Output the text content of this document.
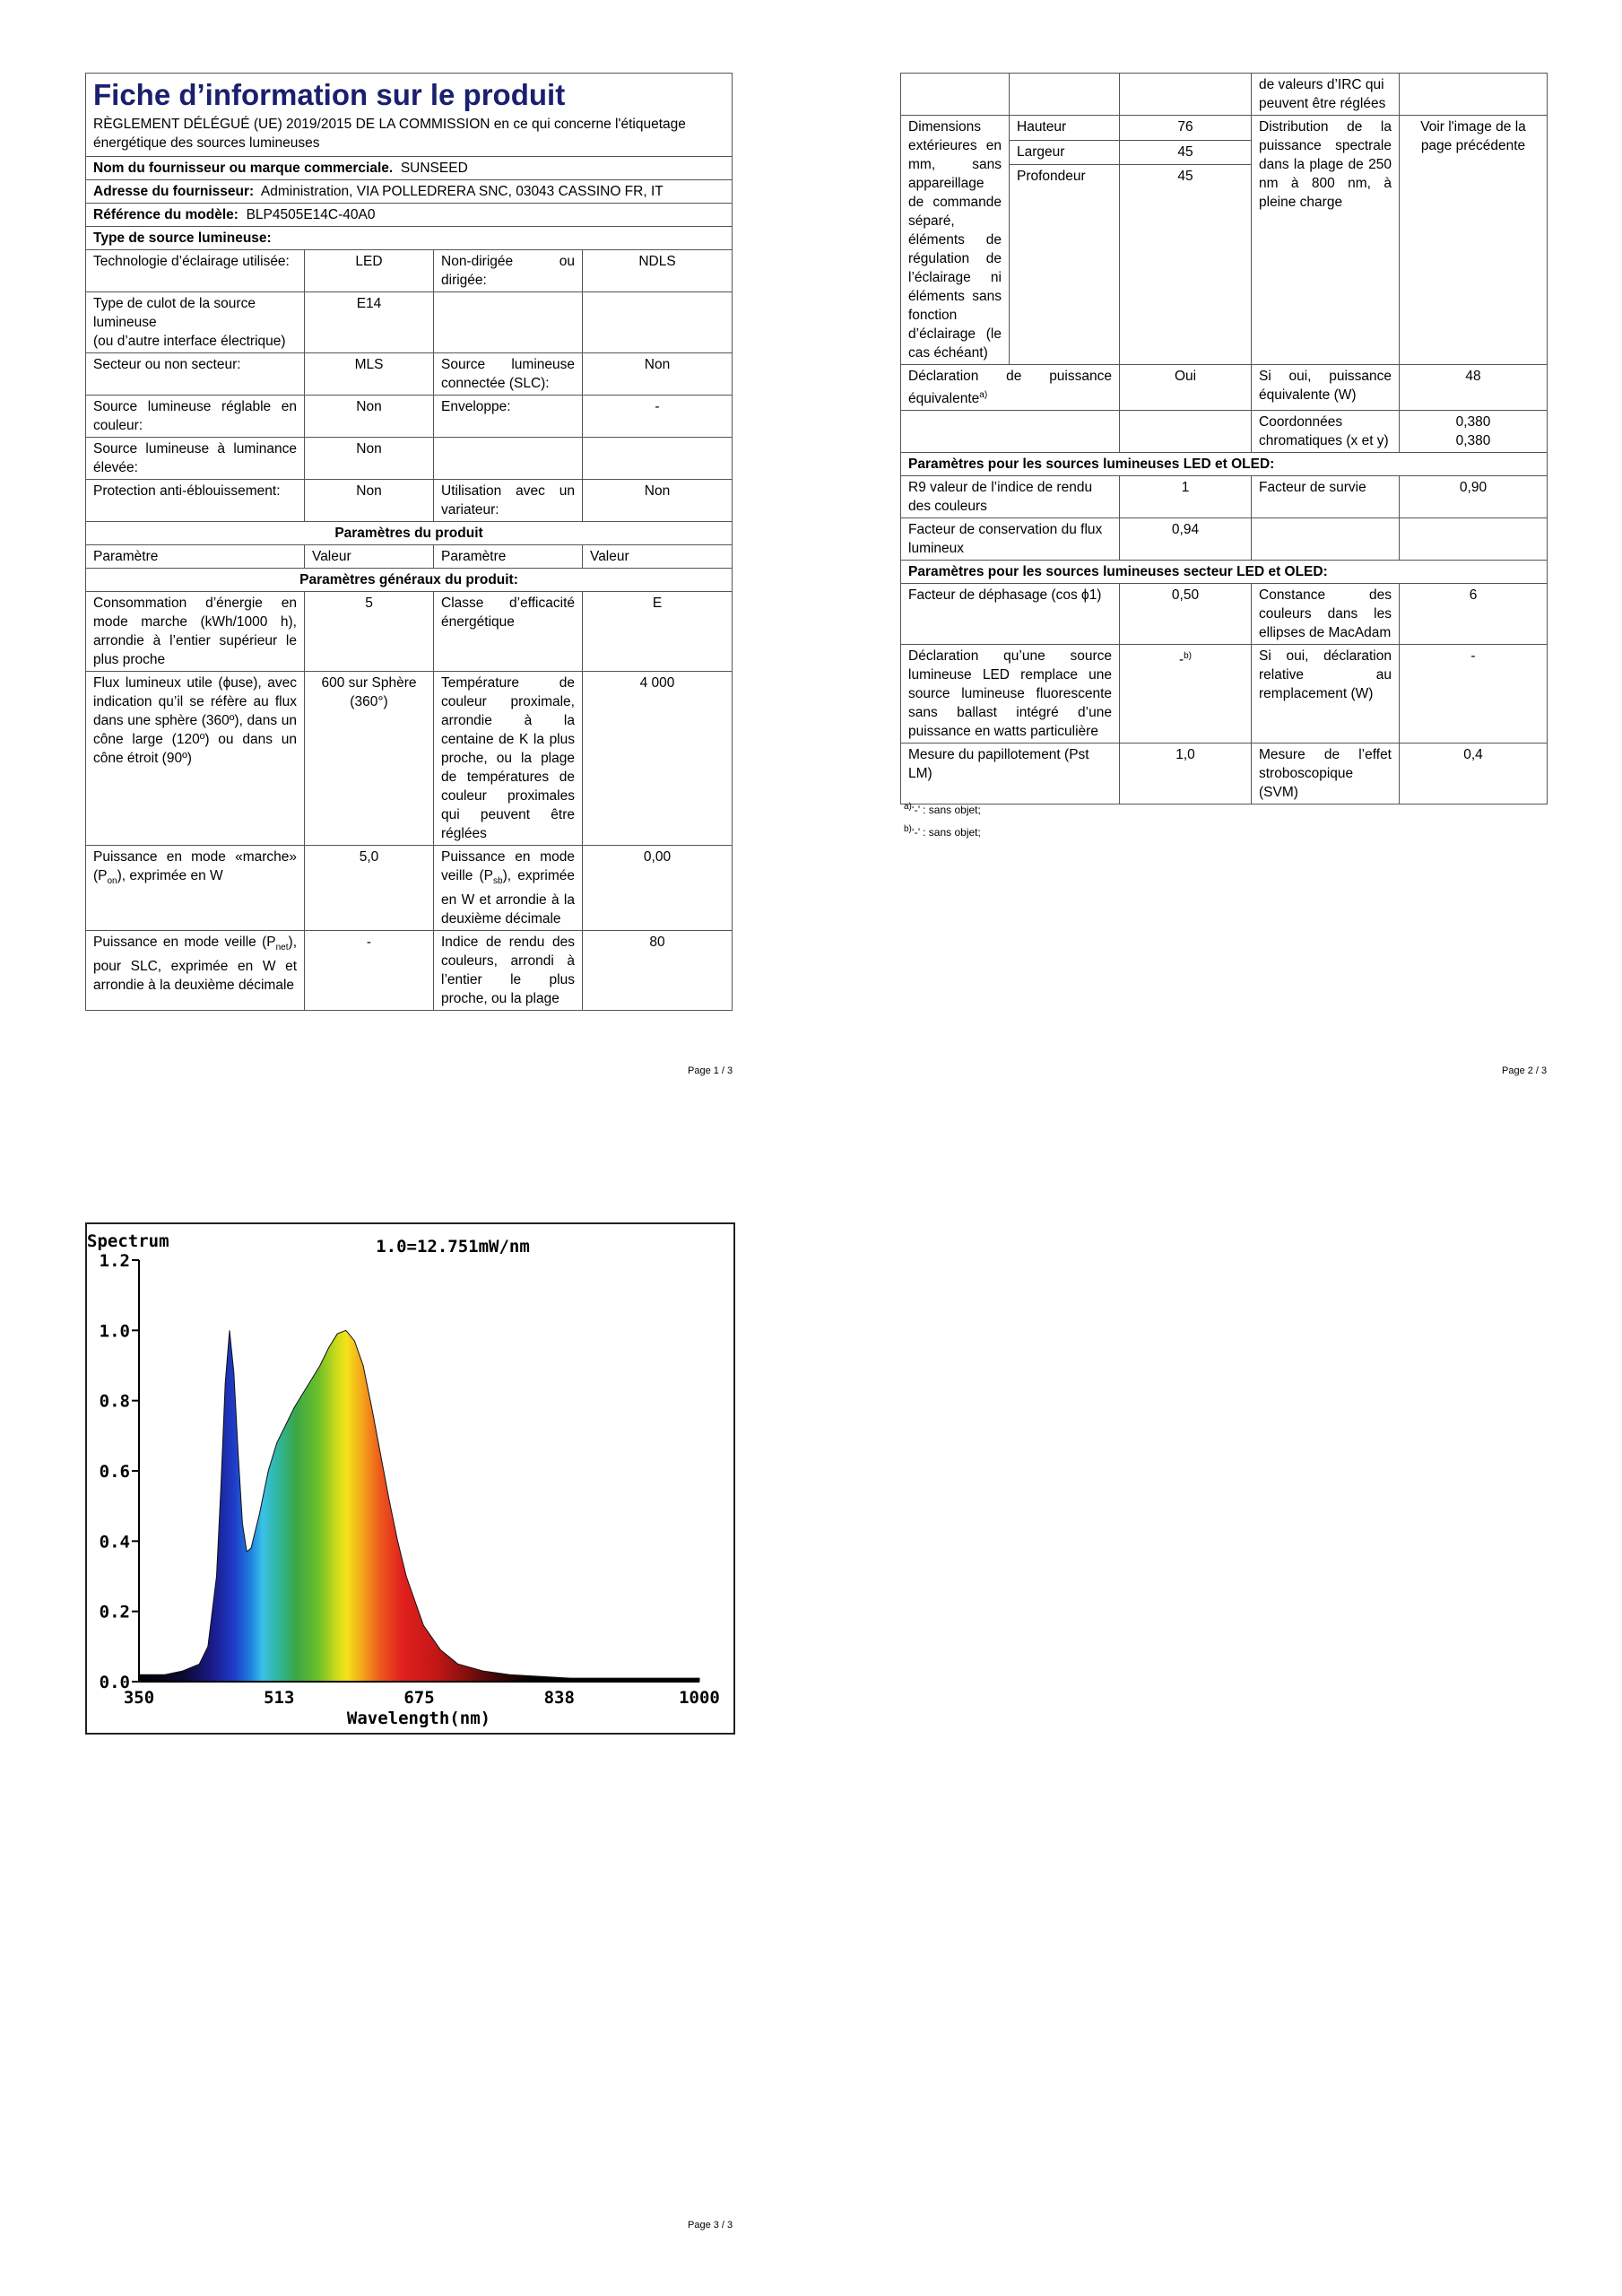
Fiche d’information sur le produit
RÈGLEMENT DÉLÉGUÉ (UE) 2019/2015 DE LA COMMISSION en ce qui concerne l'étiquetage énergétique des sources lumineuses			

Nom du fournisseur ou marque commerciale. SUNSEED			
Adresse du fournisseur: Administration, VIA POLLEDRERA SNC, 03043 CASSINO FR, IT			
Référence du modèle: BLP4505E14C-40A0			
Type de source lumineuse:			
Technologie d’éclairage utilisée:	LED	Non-dirigée ou dirigée:	NDLS

Type de culot de la source lumineuse
(ou d’autre interface électrique)	E14		
Secteur ou non secteur:	MLS	Source lumineuse connectée (SLC):	Non
Source lumineuse réglable en couleur:	Non	Enveloppe:	-
Source lumineuse à luminance élevée:	Non		
Protection anti-éblouissement:	Non	Utilisation avec un variateur:	Non
Paramètres du produit			
Paramètre	Valeur	Paramètre	Valeur
Paramètres généraux du produit:			
Consommation d’énergie en mode marche (kWh/1000 h), arrondie à l’entier supérieur le plus proche	5	Classe d’efficacité énergétique	E
Flux lumineux utile (ϕuse), avec indication qu’il se réfère au flux dans une sphère (360º), dans un cône large (120º) ou dans un cône étroit (90º)	600 sur Sphère (360°)	Température de couleur proximale, arrondie à la centaine de K la plus proche, ou la plage de températures de couleur proximales qui peuvent être réglées	4 000
Puissance en mode «marche» $(P_{on})$, exprimée en W	5,0	Puissance en mode veille $(P_{sb})$, exprimée en W et arrondie à la deuxième décimale	0,00
Puissance en mode veille $(P_{net})$, pour SLC, exprimée en W et arrondie à la deuxième décimale	-	Indice de rendu des couleurs, arrondi à l’entier le plus proche, ou la plage	80
Page 1 / 3
			de valeurs d’IRC qui peuvent être réglées	
Dimensions extérieures en mm, sans appareillage de commande séparé, éléments de régulation de l’éclairage ni éléments sans fonction d’éclairage (le cas échéant)	Hauteur	76	Distribution de la puissance spectrale dans la plage de 250 nm à 800 nm, à pleine charge	Voir l'image de la page précédente
	Largeur	45		
	Profondeur	45		
Déclaration de puissance équivalente$^{a)}$		Oui	Si oui, puissance équivalente (W)	48
			Coordonnées chromatiques (x et y)	0,380
0,380

Paramètres pour les sources lumineuses LED et OLED:				
R9 valeur de l’indice de rendu des couleurs		1	Facteur de survie	0,90
Facteur de conservation du flux lumineux		0,94		
Paramètres pour les sources lumineuses secteur LED et OLED:				
Facteur de déphasage (cos ϕ1)		0,50	Constance des couleurs dans les ellipses de MacAdam	6
Déclaration qu’une source lumineuse LED remplace une source lumineuse fluorescente sans ballast intégré d’une puissance en watts particulière		-$^{b)}$	Si oui, déclaration relative au remplacement (W)	-
Mesure du papillotement (Pst LM)		1,0	Mesure de l’effet stroboscopique (SVM)	0,4
$^{a)}$‘-’ : sans objet;
$^{b)}$‘-’ : sans objet;
Page 2 / 3
0.0
0.2
0.4
0.6
0.8
1.0
1.2
350	513	675	838	1000
Spectrum	1.0=12.751mW/nm
Wavelength(nm)
Page 3 / 3
